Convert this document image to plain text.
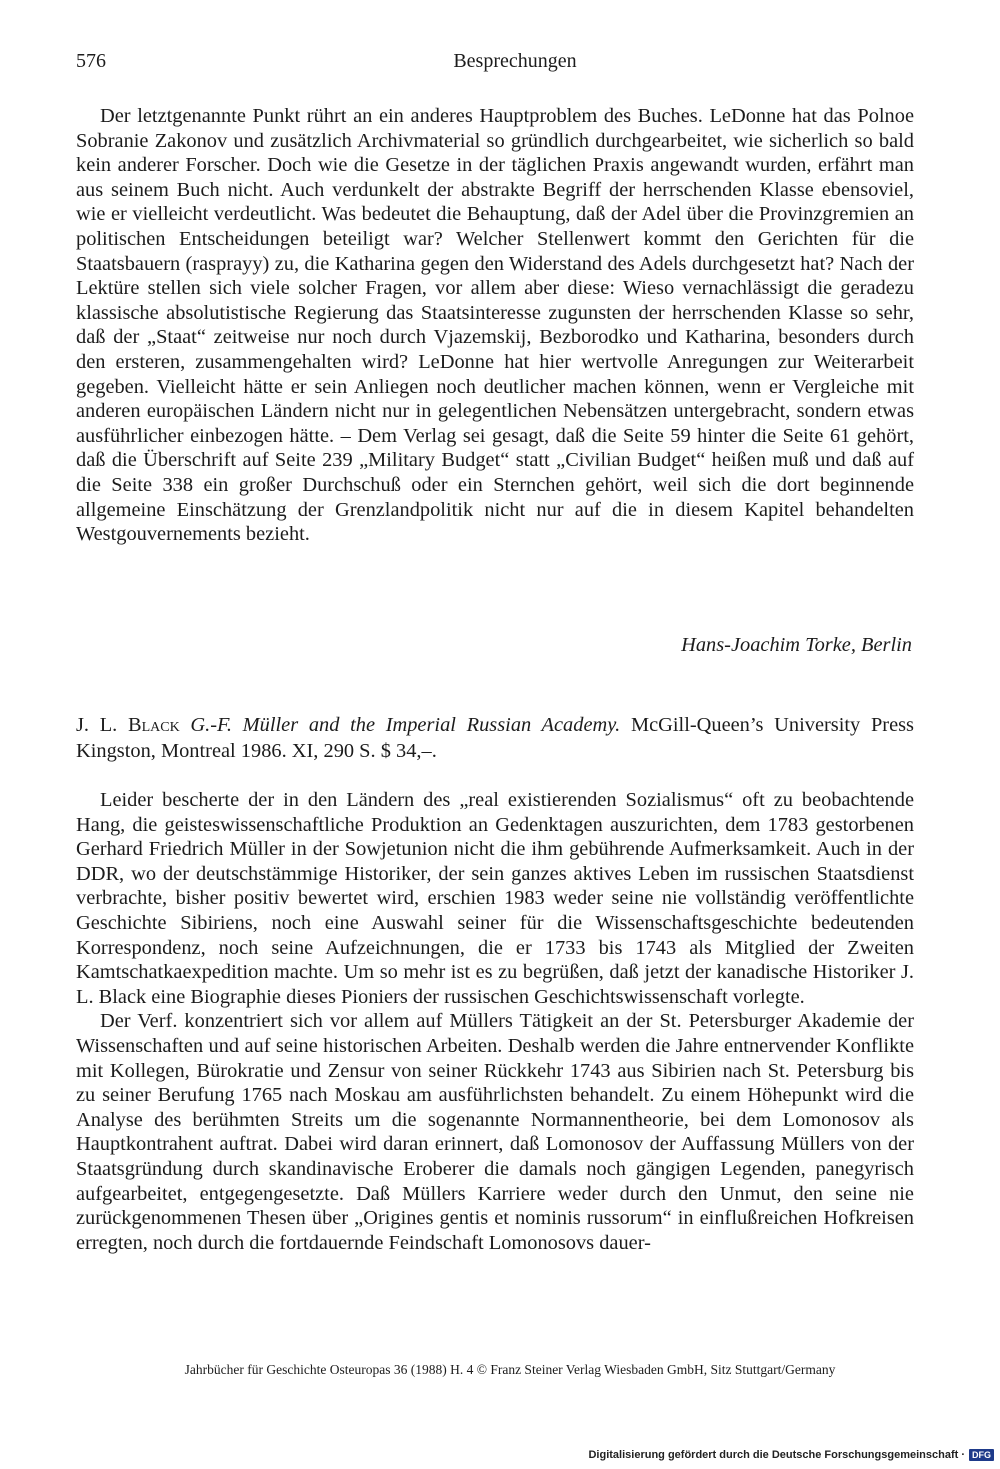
576	Besprechungen

Der letztgenannte Punkt rührt an ein anderes Hauptproblem des Buches. LeDonne hat das Polnoe Sobranie Zakonov und zusätzlich Archivmaterial so gründlich durchgearbeitet, wie sicherlich so bald kein anderer Forscher. Doch wie die Gesetze in der täglichen Praxis angewandt wurden, erfährt man aus seinem Buch nicht. Auch verdunkelt der abstrakte Begriff der herrschenden Klasse ebensoviel, wie er vielleicht verdeutlicht. Was bedeutet die Behauptung, daß der Adel über die Provinzgremien an politischen Entscheidungen beteiligt war? Welcher Stellenwert kommt den Gerichten für die Staatsbauern (rasprayy) zu, die Katharina gegen den Widerstand des Adels durchgesetzt hat? Nach der Lektüre stellen sich viele solcher Fragen, vor allem aber diese: Wieso vernachlässigt die geradezu klassische absolutistische Regierung das Staatsinteresse zugunsten der herrschenden Klasse so sehr, daß der „Staat“ zeitweise nur noch durch Vjazemskij, Bezborodko und Katharina, besonders durch den ersteren, zusammengehalten wird? LeDonne hat hier wertvolle Anregungen zur Weiterarbeit gegeben. Vielleicht hätte er sein Anliegen noch deutlicher machen können, wenn er Vergleiche mit anderen europäischen Ländern nicht nur in gelegentlichen Nebensätzen untergebracht, sondern etwas ausführlicher einbezogen hätte. – Dem Verlag sei gesagt, daß die Seite 59 hinter die Seite 61 gehört, daß die Überschrift auf Seite 239 „Military Budget“ statt „Civilian Budget“ heißen muß und daß auf die Seite 338 ein großer Durchschuß oder ein Sternchen gehört, weil sich die dort beginnende allgemeine Einschätzung der Grenzlandpolitik nicht nur auf die in diesem Kapitel behandelten Westgouvernements bezieht.

Hans-Joachim Torke, Berlin
J. L. Black G.-F. Müller and the Imperial Russian Academy. McGill-Queen’s University Press Kingston, Montreal 1986. XI, 290 S. $ 34,–.

Leider bescherte der in den Ländern des „real existierenden Sozialismus“ oft zu beobachtende Hang, die geisteswissenschaftliche Produktion an Gedenktagen auszurichten, dem 1783 gestorbenen Gerhard Friedrich Müller in der Sowjetunion nicht die ihm gebührende Aufmerksamkeit. Auch in der DDR, wo der deutschstämmige Historiker, der sein ganzes aktives Leben im russischen Staatsdienst verbrachte, bisher positiv bewertet wird, erschien 1983 weder seine nie vollständig veröffentlichte Geschichte Sibiriens, noch eine Auswahl seiner für die Wissenschaftsgeschichte bedeutenden Korrespondenz, noch seine Aufzeichnungen, die er 1733 bis 1743 als Mitglied der Zweiten Kamtschatkaexpedition machte. Um so mehr ist es zu begrüßen, daß jetzt der kanadische Historiker J. L. Black eine Biographie dieses Pioniers der russischen Geschichtswissenschaft vorlegte.

Der Verf. konzentriert sich vor allem auf Müllers Tätigkeit an der St. Petersburger Akademie der Wissenschaften und auf seine historischen Arbeiten. Deshalb werden die Jahre entnervender Konflikte mit Kollegen, Bürokratie und Zensur von seiner Rückkehr 1743 aus Sibirien nach St. Petersburg bis zu seiner Berufung 1765 nach Moskau am ausführlichsten behandelt. Zu einem Höhepunkt wird die Analyse des berühmten Streits um die sogenannte Normannentheorie, bei dem Lomonosov als Hauptkontrahent auftrat. Dabei wird daran erinnert, daß Lomonosov der Auffassung Müllers von der Staatsgründung durch skandinavische Eroberer die damals noch gängigen Legenden, panegyrisch aufgearbeitet, entgegengesetzte. Daß Müllers Karriere weder durch den Unmut, den seine nie zurückgenommenen Thesen über „Origines gentis et nominis russorum“ in einflußreichen Hofkreisen erregten, noch durch die fortdauernde Feindschaft Lomonosovs dauer-

Jahrbücher für Geschichte Osteuropas 36 (1988) H. 4 © Franz Steiner Verlag Wiesbaden GmbH, Sitz Stuttgart/Germany
Digitalisierung gefördert durch die Deutsche Forschungsgemeinschaft · DFG
